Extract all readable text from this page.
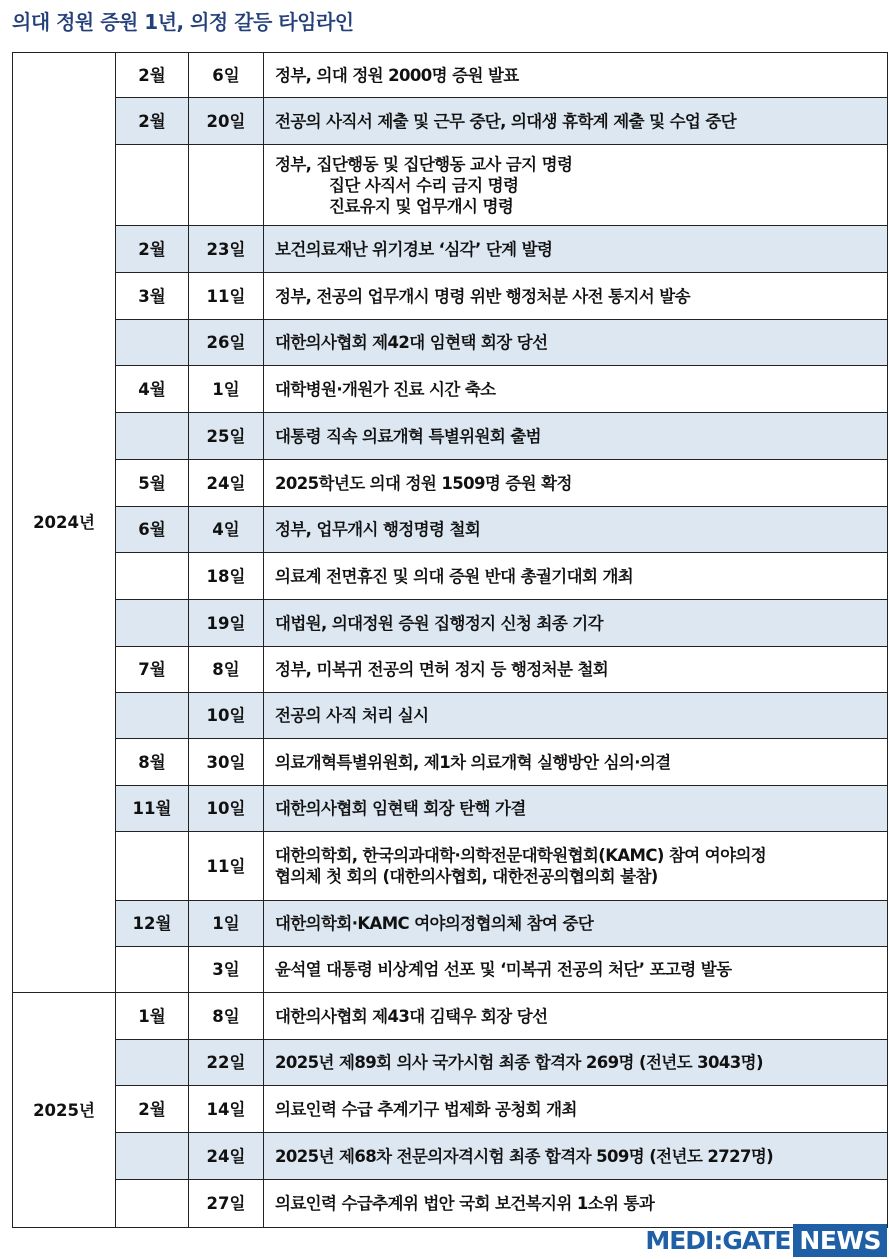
의대 정원 증원 1년, 의정 갈등 타임라인
2024년	2월	6일	정부, 의대 정원 2000명 증원 발표

	2월	20일	전공의 사직서 제출 및 근무 중단, 의대생 휴학계 제출 및 수업 중단

			정부, 집단행동 및 집단행동 교사 금지 명령
집단 사직서 수리 금지 명령
진료유지 및 업무개시 명령

	2월	23일	보건의료재난 위기경보 ‘심각’ 단계 발령

	3월	11일	정부, 전공의 업무개시 명령 위반 행정처분 사전 통지서 발송

		26일	대한의사협회 제42대 임현택 회장 당선

	4월	1일	대학병원·개원가 진료 시간 축소

		25일	대통령 직속 의료개혁 특별위원회 출범

	5월	24일	2025학년도 의대 정원 1509명 증원 확정

	6월	4일	정부, 업무개시 행정명령 철회

		18일	의료계 전면휴진 및 의대 증원 반대 총궐기대회 개최

		19일	대법원, 의대정원 증원 집행정지 신청 최종 기각

	7월	8일	정부, 미복귀 전공의 면허 정지 등 행정처분 철회

		10일	전공의 사직 처리 실시

	8월	30일	의료개혁특별위원회, 제1차 의료개혁 실행방안 심의·의결

	11월	10일	대한의사협회 임현택 회장 탄핵 가결

		11일	대한의학회, 한국의과대학·의학전문대학원협회(KAMC) 참여 여야의정
협의체 첫 회의 (대한의사협회, 대한전공의협의회 불참)

	12월	1일	대한의학회·KAMC 여야의정협의체 참여 중단

		3일	윤석열 대통령 비상계엄 선포 및 ‘미복귀 전공의 처단’ 포고령 발동

2025년	1월	8일	대한의사협회 제43대 김택우 회장 당선

		22일	2025년 제89회 의사 국가시험 최종 합격자 269명 (전년도 3043명)

	2월	14일	의료인력 수급 추계기구 법제화 공청회 개최

		24일	2025년 제68차 전문의자격시험 최종 합격자 509명 (전년도 2727명)

		27일	의료인력 수급추계위 법안 국회 보건복지위 1소위 통과
MEDI:GATE NEWS
